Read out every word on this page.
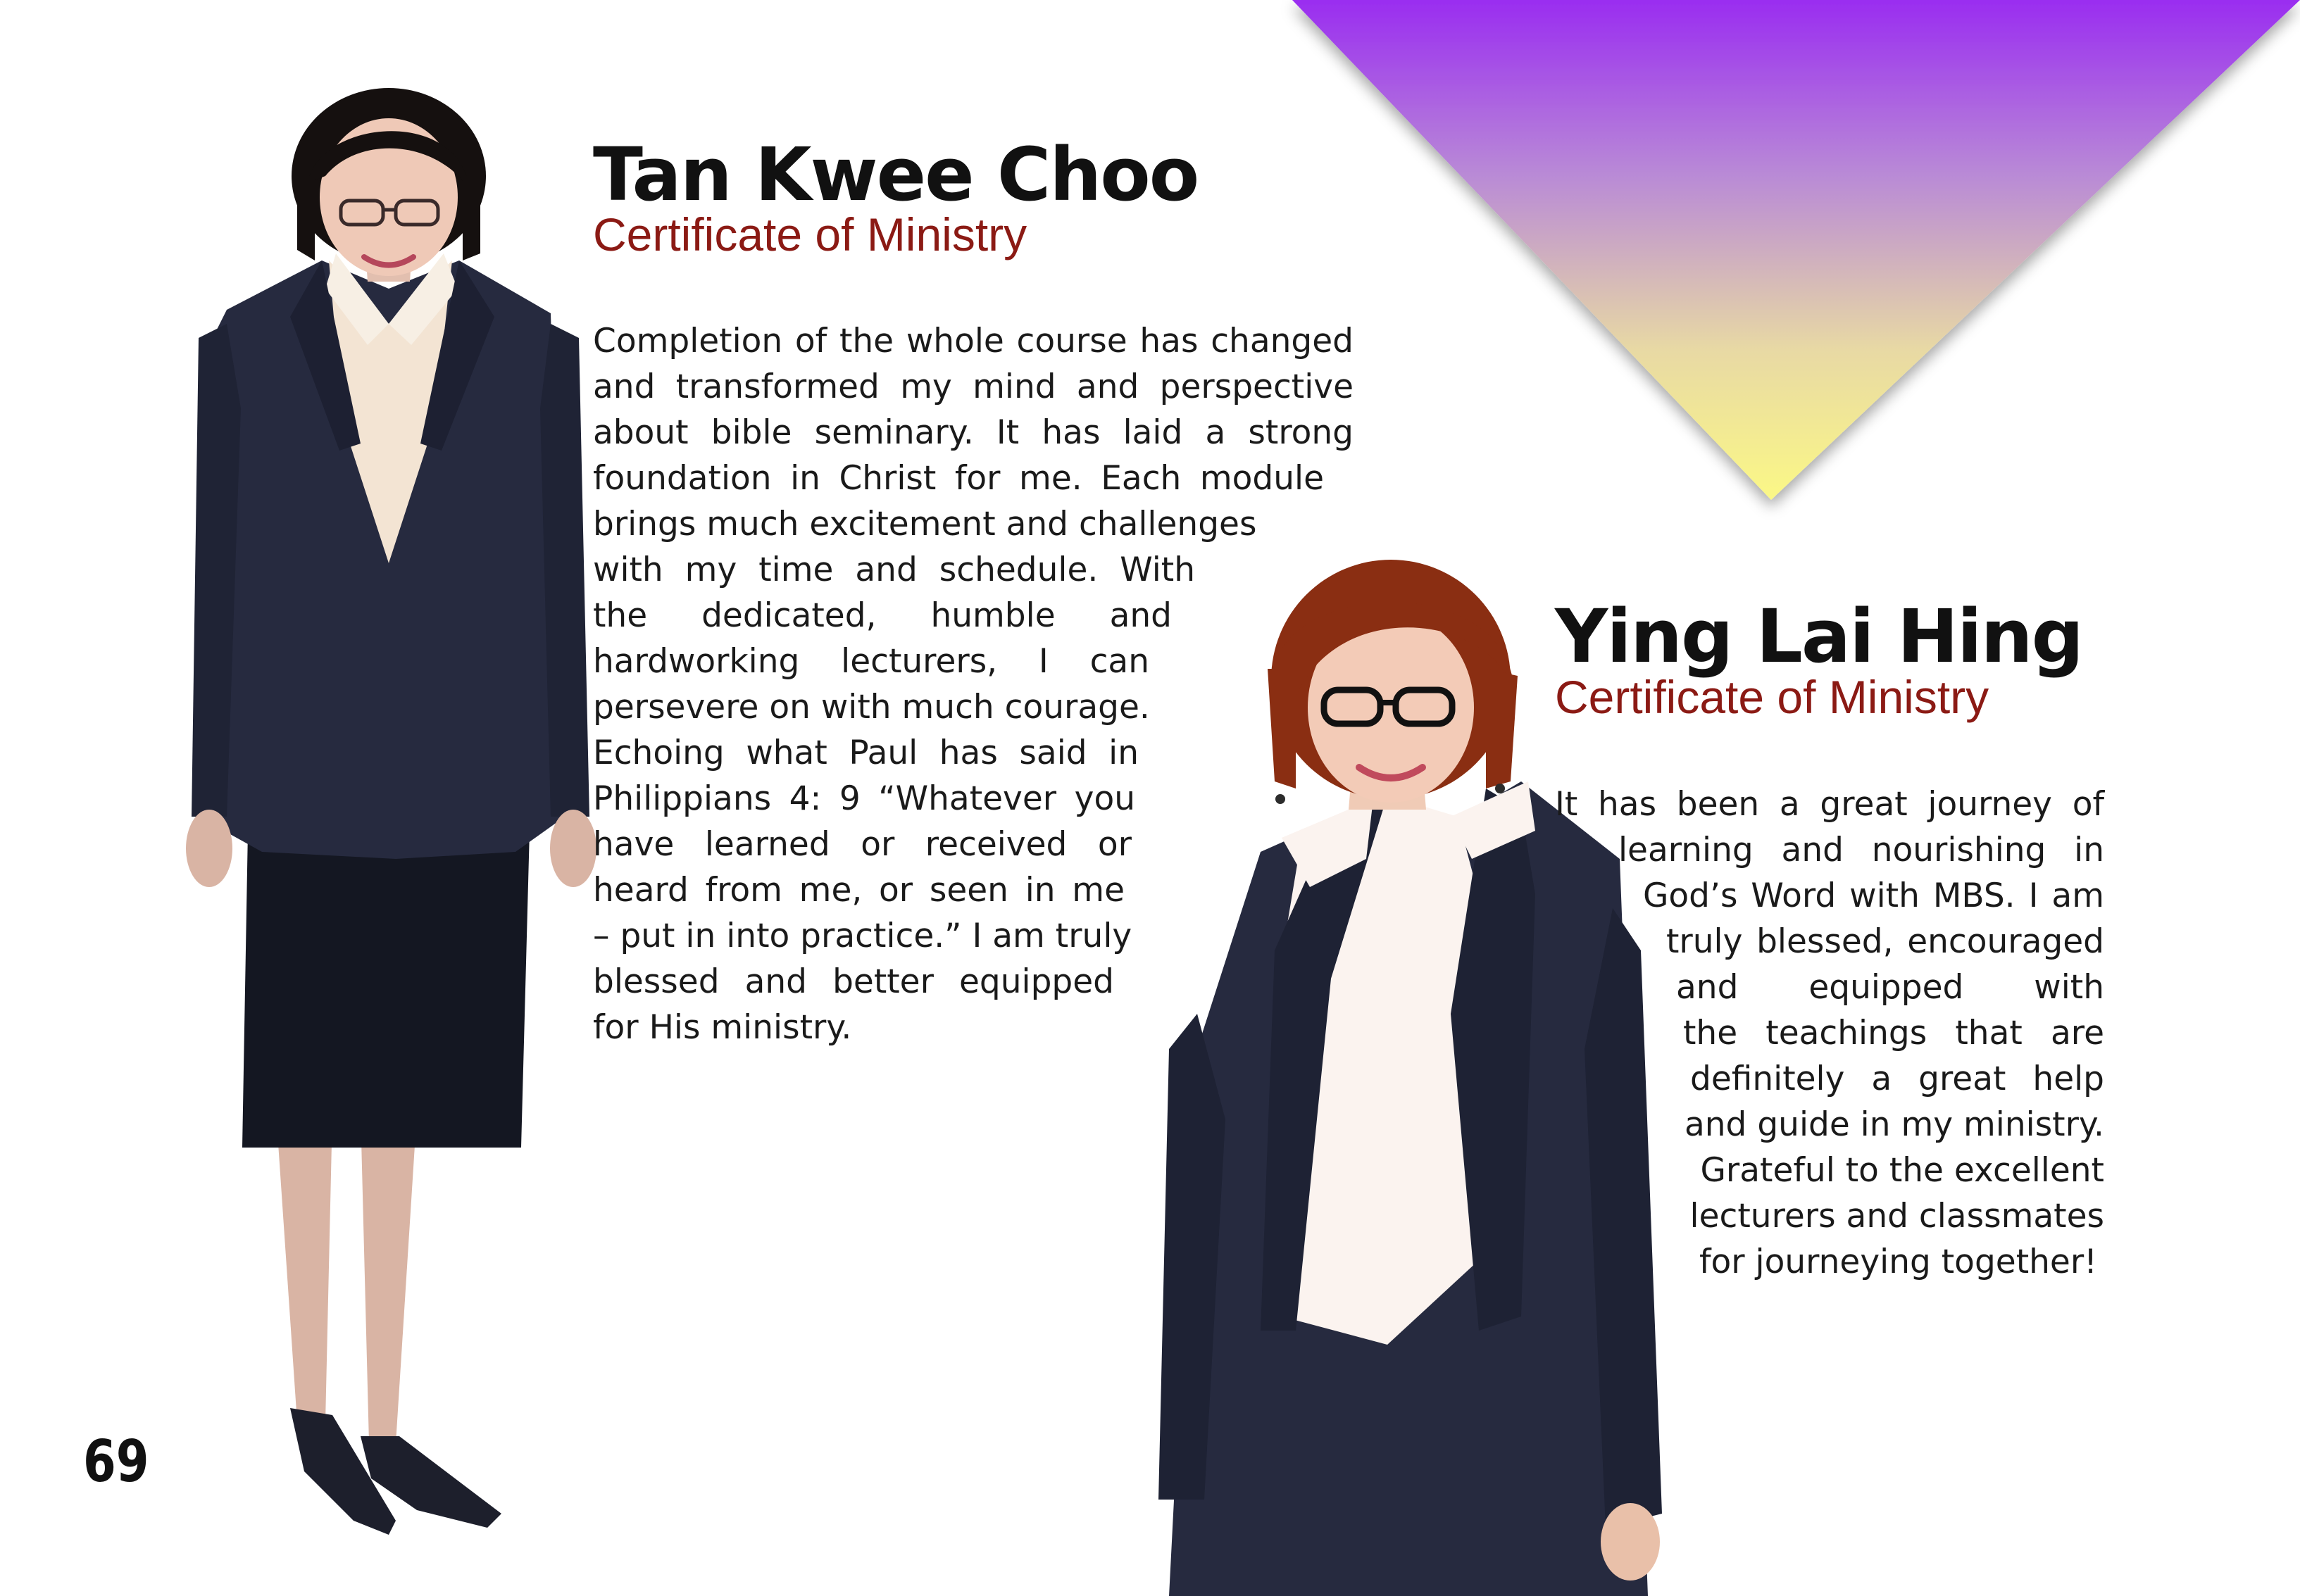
Tan Kwee Choo
Certificate of Ministry
Completion of the whole course has changed
and transformed my mind and perspective
about bible seminary. It has laid a strong
foundation in Christ for me. Each module
brings much excitement and challenges
with my time and schedule. With
the dedicated, humble and
hardworking lecturers, I can
persevere on with much courage.
Echoing what Paul has said in
Philippians 4: 9 “Whatever you
have learned or received or
heard from me, or seen in me
– put in into practice.” I am truly
blessed and better equipped
for His ministry.
Ying Lai Hing
Certificate of Ministry
It has been a great journey of
learning and nourishing in
God’s Word with MBS. I am
truly blessed, encouraged
and equipped with
the teachings that are
definitely a great help
and guide in my ministry.
Grateful to the excellent
lecturers and classmates
for journeying together!
69
